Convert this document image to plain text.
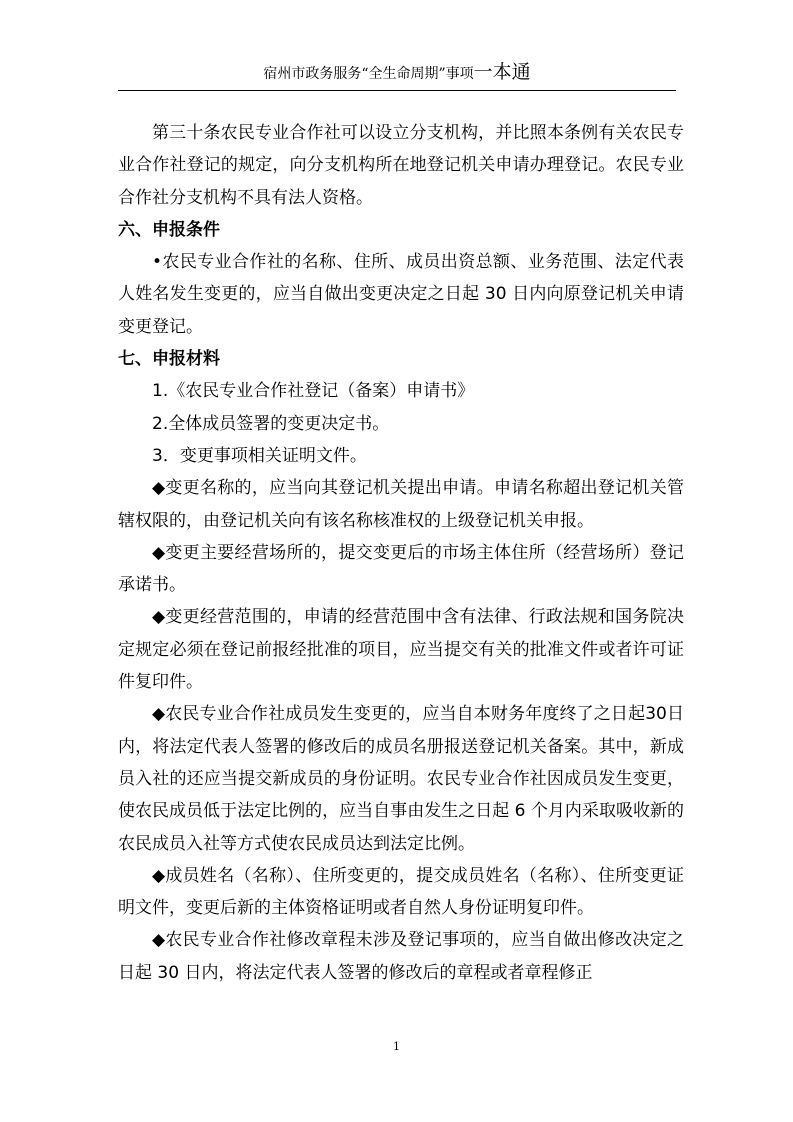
宿州市政务服务“全生命周期”事项一本通

第三十条农民专业合作社可以设立分支机构，并比照本条例有关农民专业合作社登记的规定，向分支机构所在地登记机关申请办理登记。农民专业合作社分支机构不具有法人资格。

六、申报条件

•农民专业合作社的名称、住所、成员出资总额、业务范围、法定代表人姓名发生变更的，应当自做出变更决定之日起 30 日内向原登记机关申请变更登记。

七、申报材料

1.《农民专业合作社登记（备案）申请书》

2.全体成员签署的变更决定书。

3．变更事项相关证明文件。

◆变更名称的，应当向其登记机关提出申请。申请名称超出登记机关管辖权限的，由登记机关向有该名称核准权的上级登记机关申报。

◆变更主要经营场所的，提交变更后的市场主体住所（经营场所）登记承诺书。

◆变更经营范围的，申请的经营范围中含有法律、行政法规和国务院决定规定必须在登记前报经批准的项目，应当提交有关的批准文件或者许可证件复印件。

◆农民专业合作社成员发生变更的，应当自本财务年度终了之日起30日内，将法定代表人签署的修改后的成员名册报送登记机关备案。其中，新成员入社的还应当提交新成员的身份证明。农民专业合作社因成员发生变更，使农民成员低于法定比例的，应当自事由发生之日起 6 个月内采取吸收新的农民成员入社等方式使农民成员达到法定比例。

◆成员姓名（名称）、住所变更的，提交成员姓名（名称）、住所变更证明文件，变更后新的主体资格证明或者自然人身份证明复印件。

◆农民专业合作社修改章程未涉及登记事项的，应当自做出修改决定之日起 30 日内，将法定代表人签署的修改后的章程或者章程修正

1
